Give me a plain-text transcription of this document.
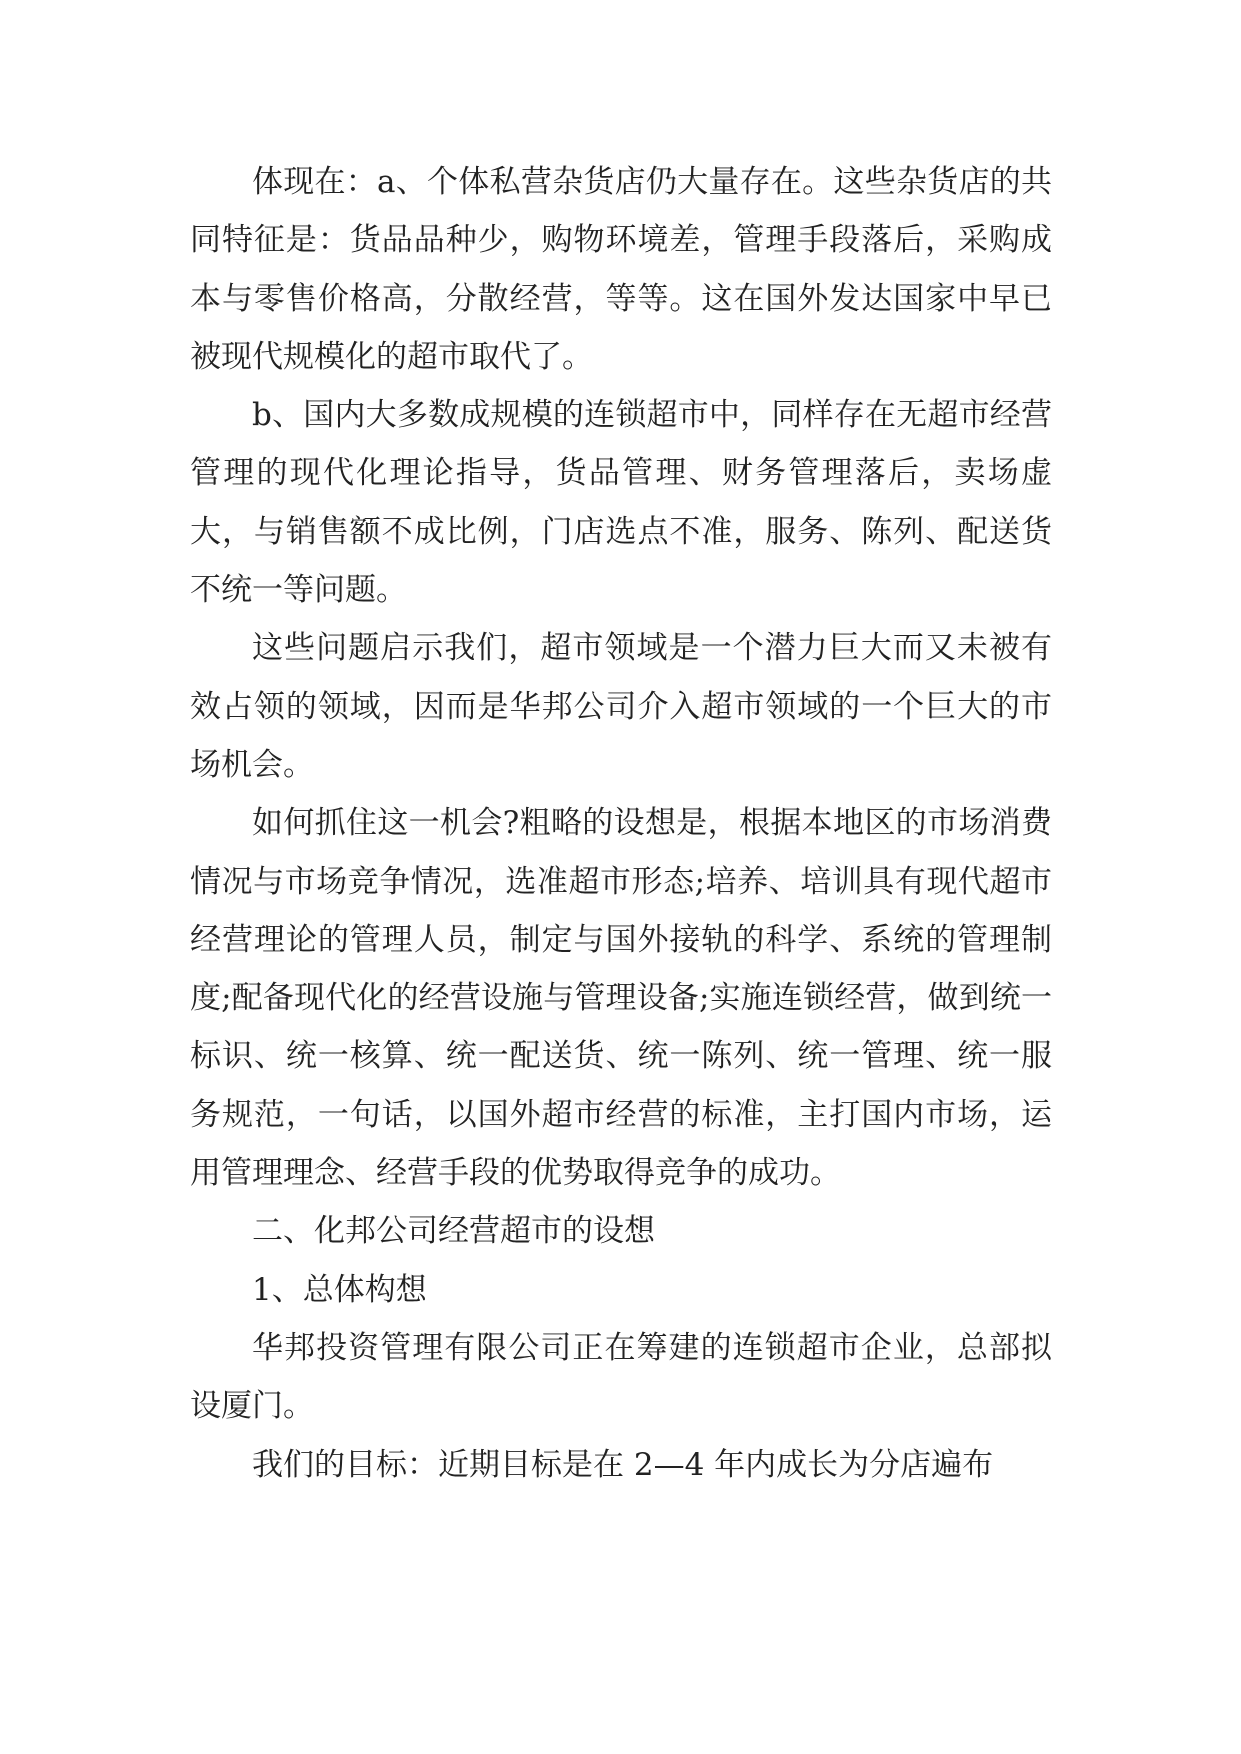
体现在：a、个体私营杂货店仍大量存在。这些杂货店的共同特征是：货品品种少，购物环境差，管理手段落后，采购成本与零售价格高，分散经营，等等。这在国外发达国家中早已被现代规模化的超市取代了。

b、国内大多数成规模的连锁超市中，同样存在无超市经营管理的现代化理论指导，货品管理、财务管理落后，卖场虚大，与销售额不成比例，门店选点不准，服务、陈列、配送货不统一等问题。

这些问题启示我们，超市领域是一个潜力巨大而又未被有效占领的领域，因而是华邦公司介入超市领域的一个巨大的市场机会。

如何抓住这一机会?粗略的设想是，根据本地区的市场消费情况与市场竞争情况，选准超市形态;培养、培训具有现代超市经营理论的管理人员，制定与国外接轨的科学、系统的管理制度;配备现代化的经营设施与管理设备;实施连锁经营，做到统一标识、统一核算、统一配送货、统一陈列、统一管理、统一服务规范，一句话，以国外超市经营的标准，主打国内市场，运用管理理念、经营手段的优势取得竞争的成功。

二、化邦公司经营超市的设想

1、总体构想

华邦投资管理有限公司正在筹建的连锁超市企业，总部拟设厦门。

我们的目标：近期目标是在 2—4 年内成长为分店遍布
